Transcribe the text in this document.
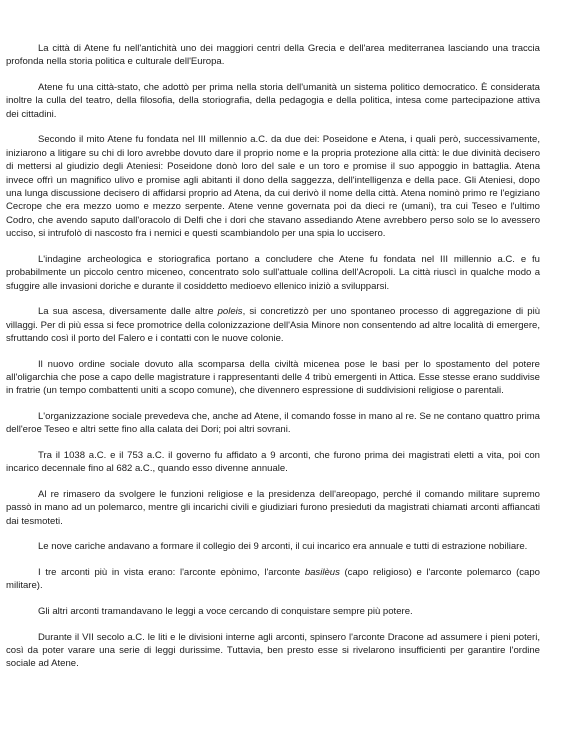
La città di Atene fu nell'antichità uno dei maggiori centri della Grecia e dell'area mediterranea lasciando una traccia profonda nella storia politica e culturale dell'Europa.

Atene fu una città-stato, che adottò per prima nella storia dell'umanità un sistema politico democratico. È considerata inoltre la culla del teatro, della filosofia, della storiografia, della pedagogia e della politica, intesa come partecipazione attiva dei cittadini.

Secondo il mito Atene fu fondata nel III millennio a.C. da due dei: Poseidone e Atena, i quali però, successivamente, iniziarono a litigare su chi di loro avrebbe dovuto dare il proprio nome e la propria protezione alla città: le due divinità decisero di mettersi al giudizio degli Ateniesi: Poseidone donò loro del sale e un toro e promise il suo appoggio in battaglia. Atena invece offrì un magnifico ulivo e promise agli abitanti il dono della saggezza, dell'intelligenza e della pace. Gli Ateniesi, dopo una lunga discussione decisero di affidarsi proprio ad Atena, da cui derivò il nome della città. Atena nominò primo re l'egiziano Cecrope che era mezzo uomo e mezzo serpente. Atene venne governata poi da dieci re (umani), tra cui Teseo e l'ultimo Codro, che avendo saputo dall'oracolo di Delfi che i dori che stavano assediando Atene avrebbero perso solo se lo avessero ucciso, si intrufolò di nascosto fra i nemici e questi scambiandolo per una spia lo uccisero.

L'indagine archeologica e storiografica portano a concludere che Atene fu fondata nel III millennio a.C. e fu probabilmente un piccolo centro miceneo, concentrato solo sull'attuale collina dell'Acropoli. La città riuscì in qualche modo a sfuggire alle invasioni doriche e durante il cosiddetto medioevo ellenico iniziò a svilupparsi.

La sua ascesa, diversamente dalle altre poleis, si concretizzò per uno spontaneo processo di aggregazione di più villaggi. Per di più essa si fece promotrice della colonizzazione dell'Asia Minore non consentendo ad altre località di emergere, sfruttando così il porto del Falero e i contatti con le nuove colonie.

Il nuovo ordine sociale dovuto alla scomparsa della civiltà micenea pose le basi per lo spostamento del potere all'oligarchia che pose a capo delle magistrature i rappresentanti delle 4 tribù emergenti in Attica. Esse stesse erano suddivise in fratrie (un tempo combattenti uniti a scopo comune), che divennero espressione di suddivisioni religiose o parentali.

L'organizzazione sociale prevedeva che, anche ad Atene, il comando fosse in mano al re. Se ne contano quattro prima dell'eroe Teseo e altri sette fino alla calata dei Dori; poi altri sovrani.

Tra il 1038 a.C. e il 753 a.C. il governo fu affidato a 9 arconti, che furono prima dei magistrati eletti a vita, poi con incarico decennale fino al 682 a.C., quando esso divenne annuale.

Al re rimasero da svolgere le funzioni religiose e la presidenza dell'areopago, perché il comando militare supremo passò in mano ad un polemarco, mentre gli incarichi civili e giudiziari furono presieduti da magistrati chiamati arconti affiancati dai tesmoteti.

Le nove cariche andavano a formare il collegio dei 9 arconti, il cui incarico era annuale e tutti di estrazione nobiliare.

I tre arconti più in vista erano: l'arconte epònimo, l'arconte basilèus (capo religioso) e l'arconte polemarco (capo militare).

Gli altri arconti tramandavano le leggi a voce cercando di conquistare sempre più potere.

Durante il VII secolo a.C. le liti e le divisioni interne agli arconti, spinsero l'arconte Dracone ad assumere i pieni poteri, così da poter varare una serie di leggi durissime. Tuttavia, ben presto esse si rivelarono insufficienti per garantire l'ordine sociale ad Atene.
